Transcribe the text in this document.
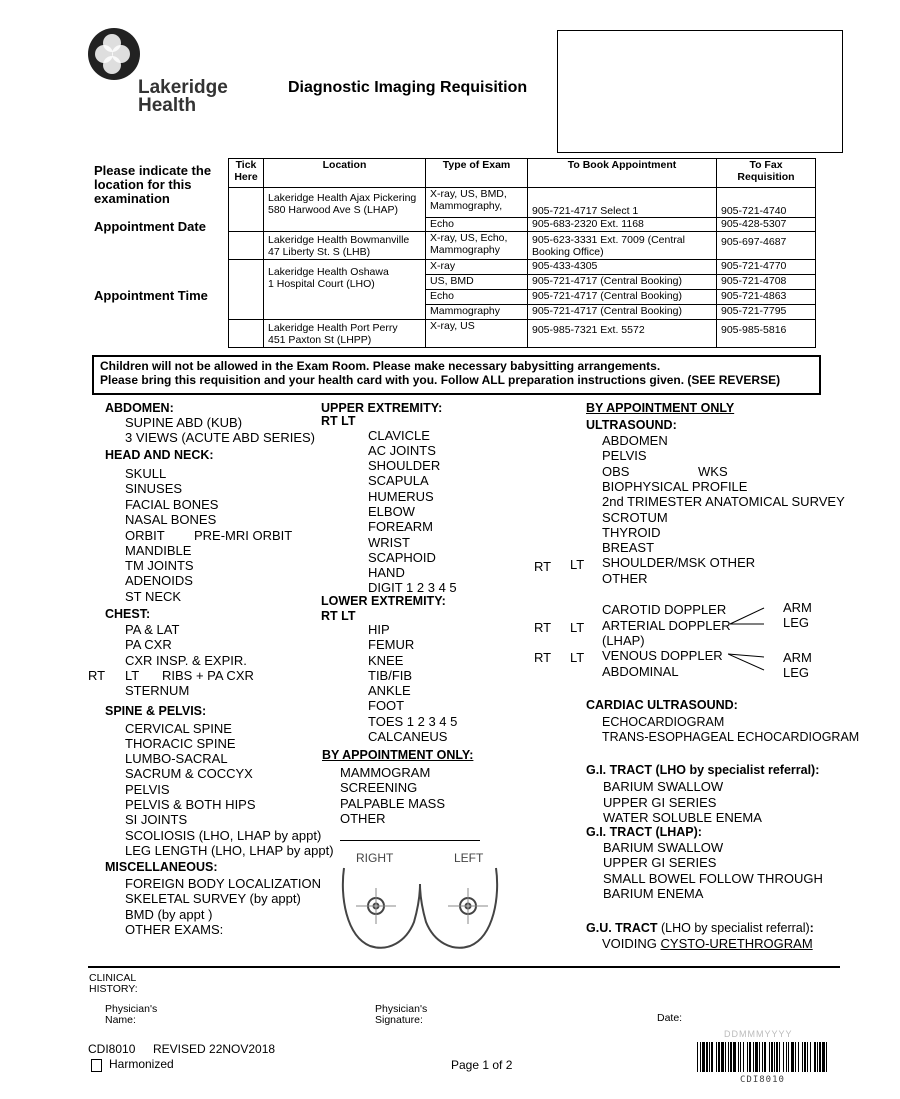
Lakeridge
Health
Diagnostic Imaging Requisition
Please indicate the
location for this
examination
Appointment Date
Appointment Time
Tick Here	Location	Type of Exam	To Book Appointment	To Fax Requisition

	Lakeridge Health Ajax Pickering
580 Harwood Ave S (LHAP)	X-ray, US, BMD, Mammography,	905-721-4717 Select 1	905-721-4740
		Echo	905-683-2320 Ext. 1168	905-428-5307

	Lakeridge Health Bowmanville
47 Liberty St. S (LHB)	X-ray, US, Echo, Mammography	905-623-3331 Ext. 7009 (Central Booking Office)	905-697-4687

	Lakeridge Health Oshawa
1 Hospital Court (LHO)	X-ray	905-433-4305	905-721-4770
		US, BMD	905-721-4717 (Central Booking)	905-721-4708
		Echo	905-721-4717 (Central Booking)	905-721-4863
		Mammography	905-721-4717 (Central Booking)	905-721-7795

	Lakeridge Health Port Perry
451 Paxton St (LHPP)	X-ray, US	905-985-7321 Ext. 5572	905-985-5816
Children will not be allowed in the Exam Room. Please make necessary babysitting arrangements.
Please bring this requisition and your health card with you. Follow ALL preparation instructions given. (SEE REVERSE)
ABDOMEN:
SUPINE ABD (KUB)
3 VIEWS (ACUTE ABD SERIES)
HEAD AND NECK:
SKULL
SINUSES
FACIAL BONES
NASAL BONES
ORBIT PRE-MRI ORBIT
MANDIBLE
TM JOINTS
ADENOIDS
ST NECK
CHEST:
PA & LAT
PA CXR
CXR INSP. & EXPIR.
RT LT RIBS + PA CXR
STERNUM
SPINE & PELVIS:
CERVICAL SPINE
THORACIC SPINE
LUMBO-SACRAL
SACRUM & COCCYX
PELVIS
PELVIS & BOTH HIPS
SI JOINTS
SCOLIOSIS (LHO, LHAP by appt)
LEG LENGTH (LHO, LHAP by appt)
MISCELLANEOUS:
FOREIGN BODY LOCALIZATION
SKELETAL SURVEY (by appt)
BMD (by appt )
OTHER EXAMS:
UPPER EXTREMITY:
RT LT
CLAVICLE
AC JOINTS
SHOULDER
SCAPULA
HUMERUS
ELBOW
FOREARM
WRIST
SCAPHOID
HAND
DIGIT 1 2 3 4 5
LOWER EXTREMITY:
RT LT
HIP
FEMUR
KNEE
TIB/FIB
ANKLE
FOOT
TOES 1 2 3 4 5
CALCANEUS
BY APPOINTMENT ONLY:
MAMMOGRAM
SCREENING
PALPABLE MASS
OTHER
RIGHT	LEFT
BY APPOINTMENT ONLY
ULTRASOUND:
ABDOMEN
PELVIS
OBS	WKS
BIOPHYSICAL PROFILE
2nd TRIMESTER ANATOMICAL SURVEY
SCROTUM
THYROID
BREAST
RT LT SHOULDER/MSK OTHER
OTHER
CAROTID DOPPLER	ARM
RT LT ARTERIAL DOPPLER	LEG
(LHAP)
RT LT VENOUS DOPPLER	ARM
ABDOMINAL	LEG
CARDIAC ULTRASOUND:
ECHOCARDIOGRAM
TRANS-ESOPHAGEAL ECHOCARDIOGRAM
G.I. TRACT (LHO by specialist referral):
BARIUM SWALLOW
UPPER GI SERIES
WATER SOLUBLE ENEMA
G.I. TRACT (LHAP):
BARIUM SWALLOW
UPPER GI SERIES
SMALL BOWEL FOLLOW THROUGH
BARIUM ENEMA
G.U. TRACT (LHO by specialist referral):
VOIDING CYSTO-URETHROGRAM
CLINICAL
HISTORY:
Physician's
Name:
Physician's
Signature:	Date:
DDMMMYYYY
CDI8010 REVISED 22NOV2018
Harmonized	Page 1 of 2
CDI8010
